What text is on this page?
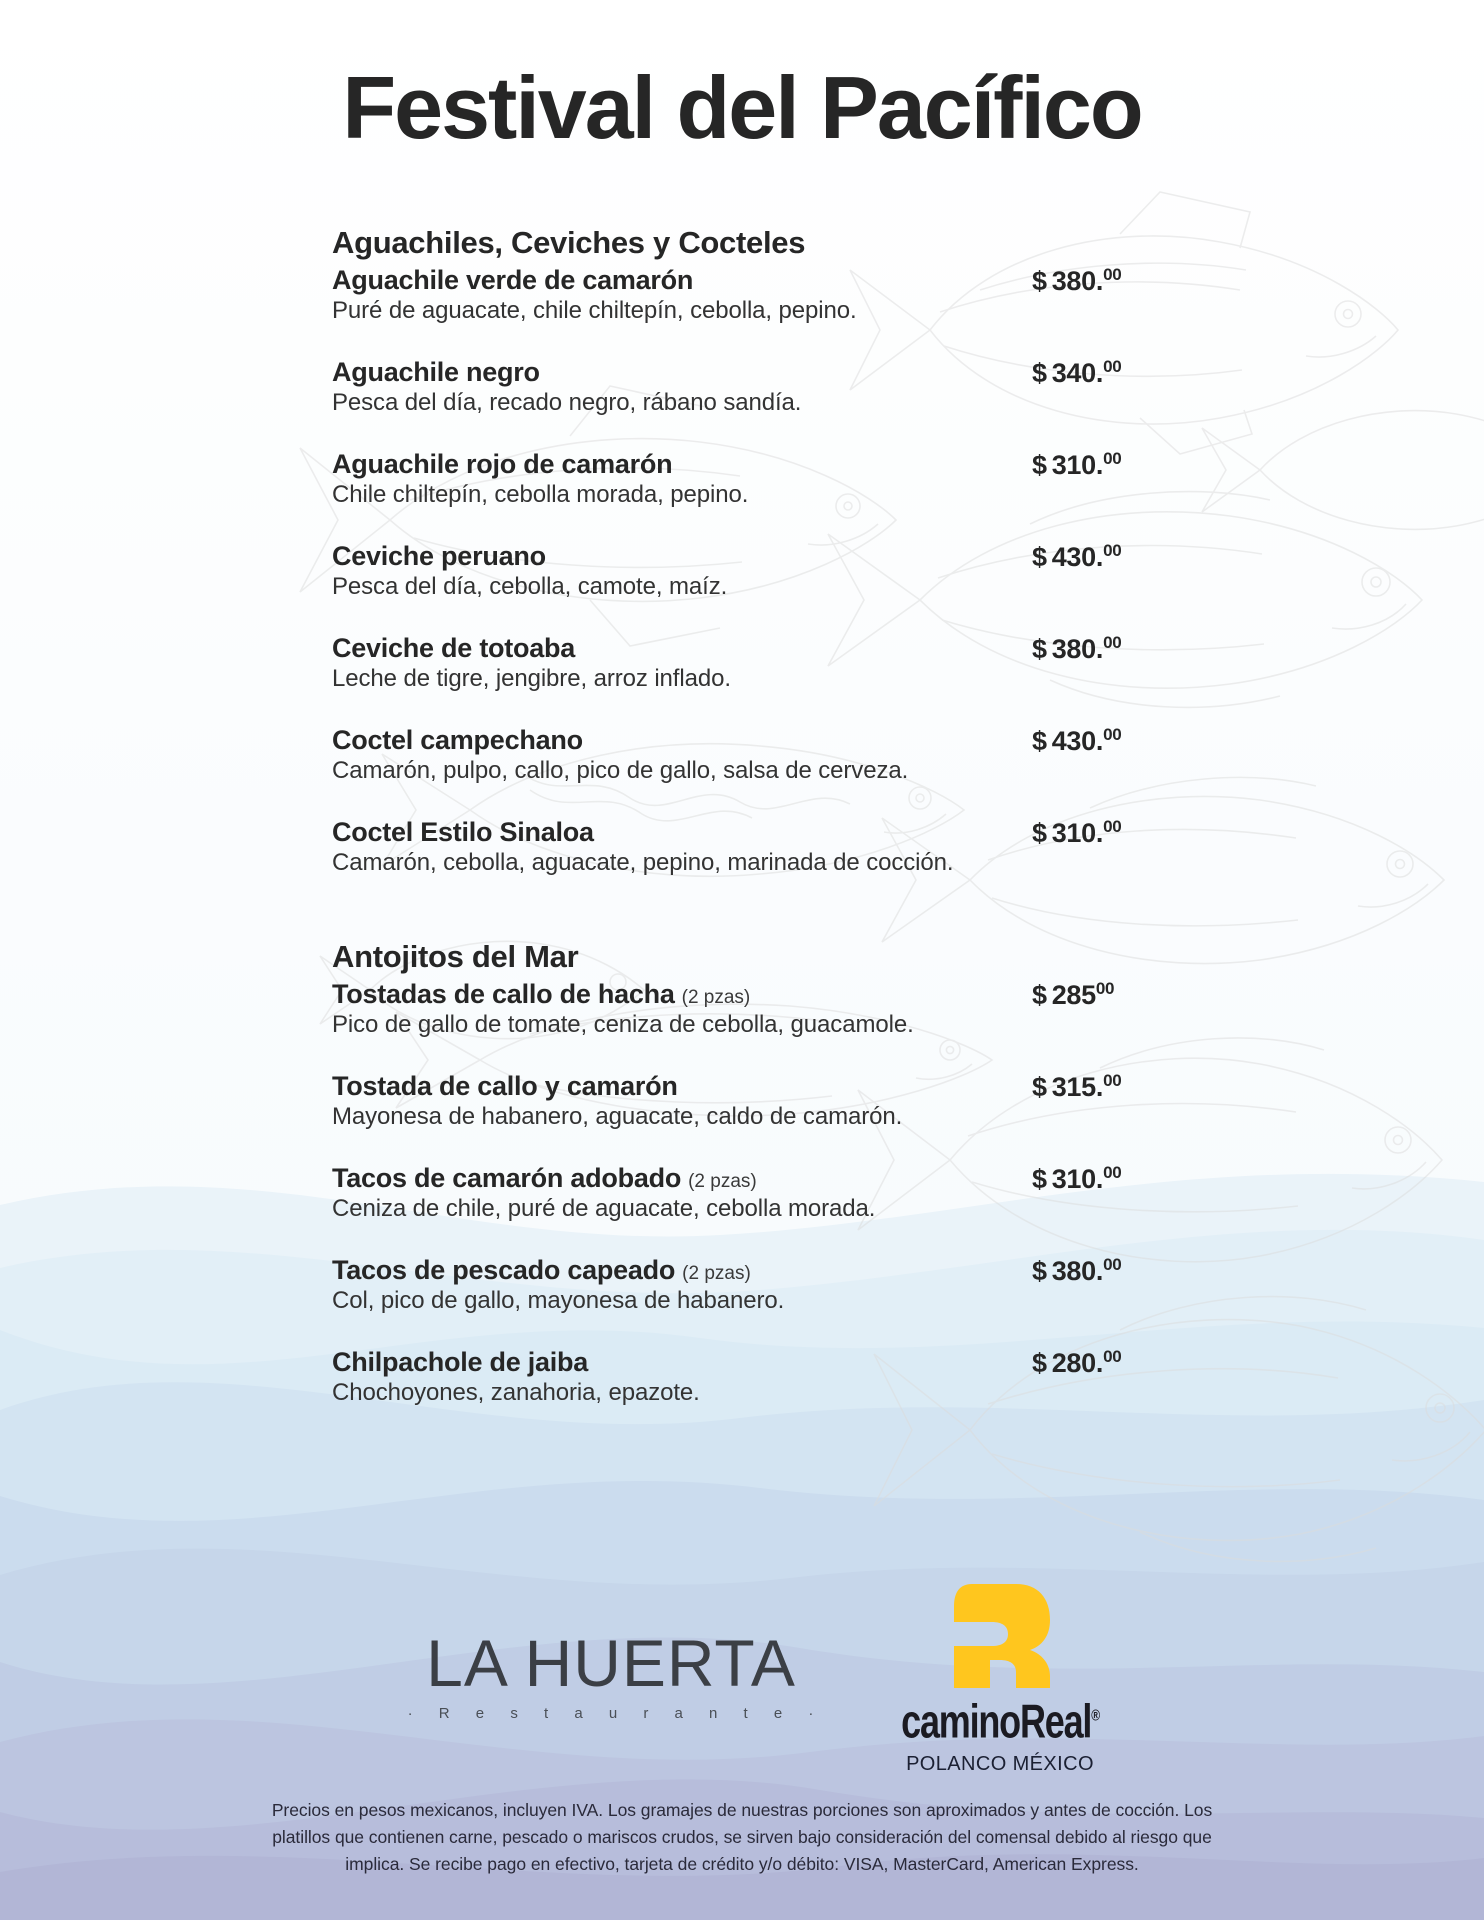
Festival del Pacífico
Aguachiles, Ceviches y Cocteles
Aguachile verde de camarón
Puré de aguacate, chile chiltepín, cebolla, pepino.
$ 380.00
Aguachile negro
Pesca del día, recado negro, rábano sandía.
$ 340.00
Aguachile rojo de camarón
Chile chiltepín, cebolla morada, pepino.
$ 310.00
Ceviche peruano
Pesca del día, cebolla, camote, maíz.
$ 430.00
Ceviche de totoaba
Leche de tigre, jengibre, arroz inflado.
$ 380.00
Coctel campechano
Camarón, pulpo, callo, pico de gallo, salsa de cerveza.
$ 430.00
Coctel Estilo Sinaloa
Camarón, cebolla, aguacate, pepino, marinada de cocción.
$ 310.00
Antojitos del Mar
Tostadas de callo de hacha (2 pzas)
Pico de gallo de tomate, ceniza de cebolla, guacamole.
$ $285^{00}$
Tostada de callo y camarón
Mayonesa de habanero, aguacate, caldo de camarón.
$ 315.00
Tacos de camarón adobado (2 pzas)
Ceniza de chile, puré de aguacate, cebolla morada.
$ 310.00
Tacos de pescado capeado (2 pzas)
Col, pico de gallo, mayonesa de habanero.
$ 380.00
Chilpachole de jaiba
Chochoyones, zanahoria, epazote.
$ 280.00
LA HUERTA
· R e s t a u r a n t e ·	caminoReal®
POLANCO MÉXICO
Precios en pesos mexicanos, incluyen IVA. Los gramajes de nuestras porciones son aproximados y antes de cocción. Los
platillos que contienen carne, pescado o mariscos crudos, se sirven bajo consideración del comensal debido al riesgo que
implica. Se recibe pago en efectivo, tarjeta de crédito y/o débito: VISA, MasterCard, American Express.
